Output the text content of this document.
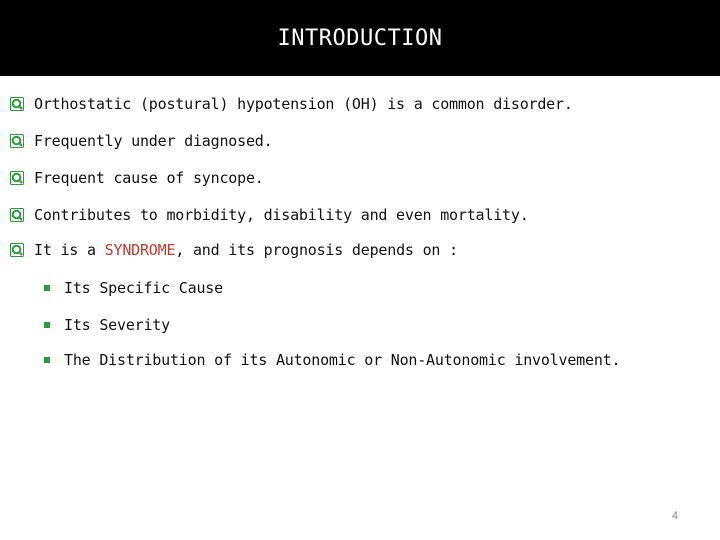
INTRODUCTION
Orthostatic (postural) hypotension (OH) is a common disorder.
Frequently under diagnosed.
Frequent cause of syncope.
Contributes to morbidity, disability and even mortality.
It is a SYNDROME, and its prognosis depends on :
Its Specific Cause
Its Severity
The Distribution of its Autonomic or Non-Autonomic involvement.
4
